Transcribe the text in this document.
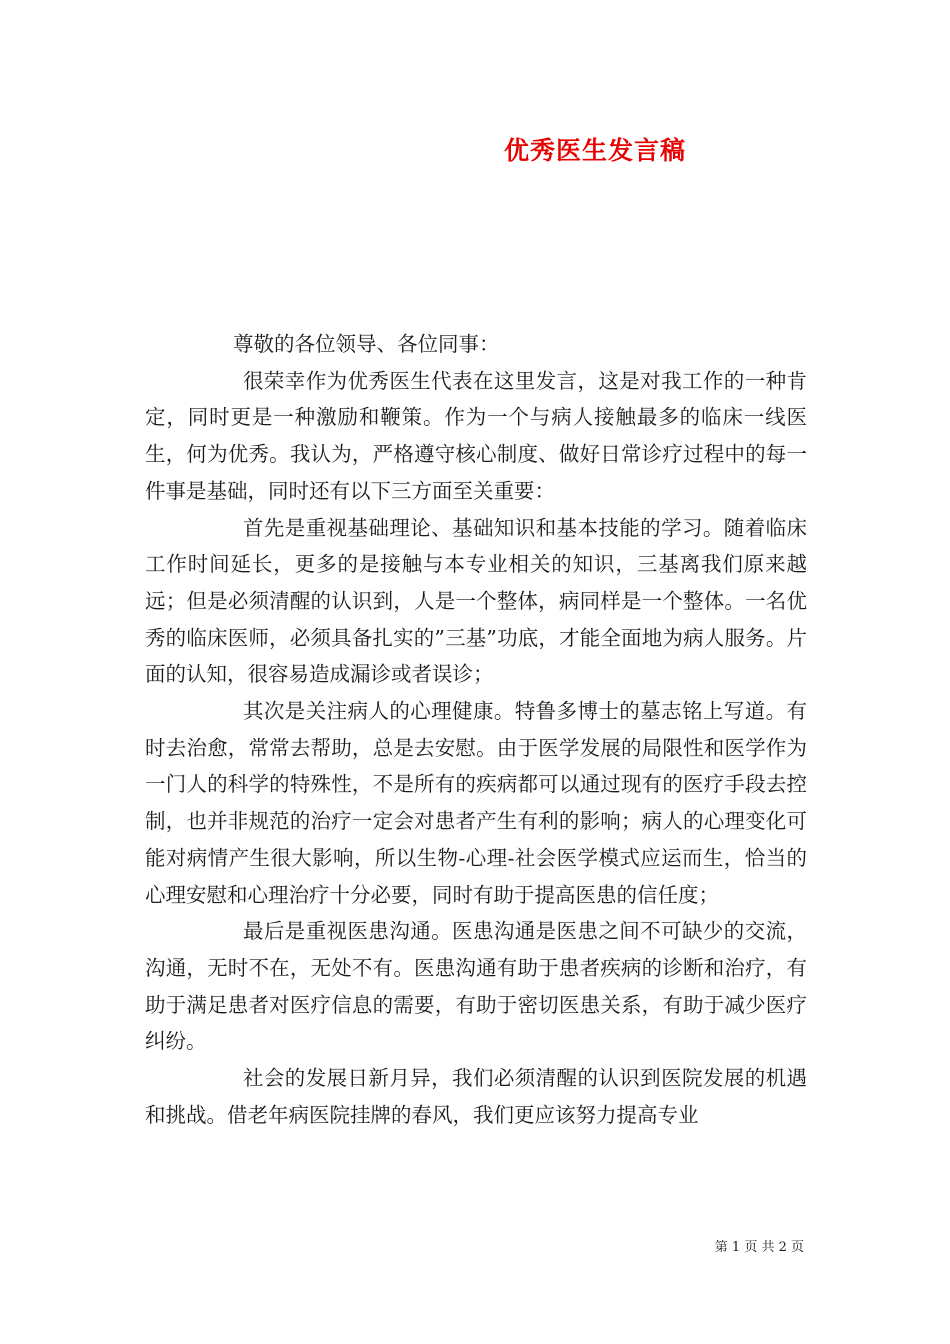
优秀医生发言稿

尊敬的各位领导、各位同事：

很荣幸作为优秀医生代表在这里发言，这是对我工作的一种肯定，同时更是一种激励和鞭策。作为一个与病人接触最多的临床一线医生，何为优秀。我认为，严格遵守核心制度、做好日常诊疗过程中的每一件事是基础，同时还有以下三方面至关重要：

首先是重视基础理论、基础知识和基本技能的学习。随着临床工作时间延长，更多的是接触与本专业相关的知识，三基离我们原来越远；但是必须清醒的认识到，人是一个整体，病同样是一个整体。一名优秀的临床医师，必须具备扎实的”三基”功底，才能全面地为病人服务。片面的认知，很容易造成漏诊或者误诊；

其次是关注病人的心理健康。特鲁多博士的墓志铭上写道。有时去治愈，常常去帮助，总是去安慰。由于医学发展的局限性和医学作为一门人的科学的特殊性，不是所有的疾病都可以通过现有的医疗手段去控制，也并非规范的治疗一定会对患者产生有利的影响；病人的心理变化可能对病情产生很大影响，所以生物-心理-社会医学模式应运而生，恰当的心理安慰和心理治疗十分必要，同时有助于提高医患的信任度；

最后是重视医患沟通。医患沟通是医患之间不可缺少的交流，沟通，无时不在，无处不有。医患沟通有助于患者疾病的诊断和治疗，有助于满足患者对医疗信息的需要，有助于密切医患关系，有助于减少医疗纠纷。

社会的发展日新月异，我们必须清醒的认识到医院发展的机遇和挑战。借老年病医院挂牌的春风，我们更应该努力提高专业

第 1 页 共 2 页
